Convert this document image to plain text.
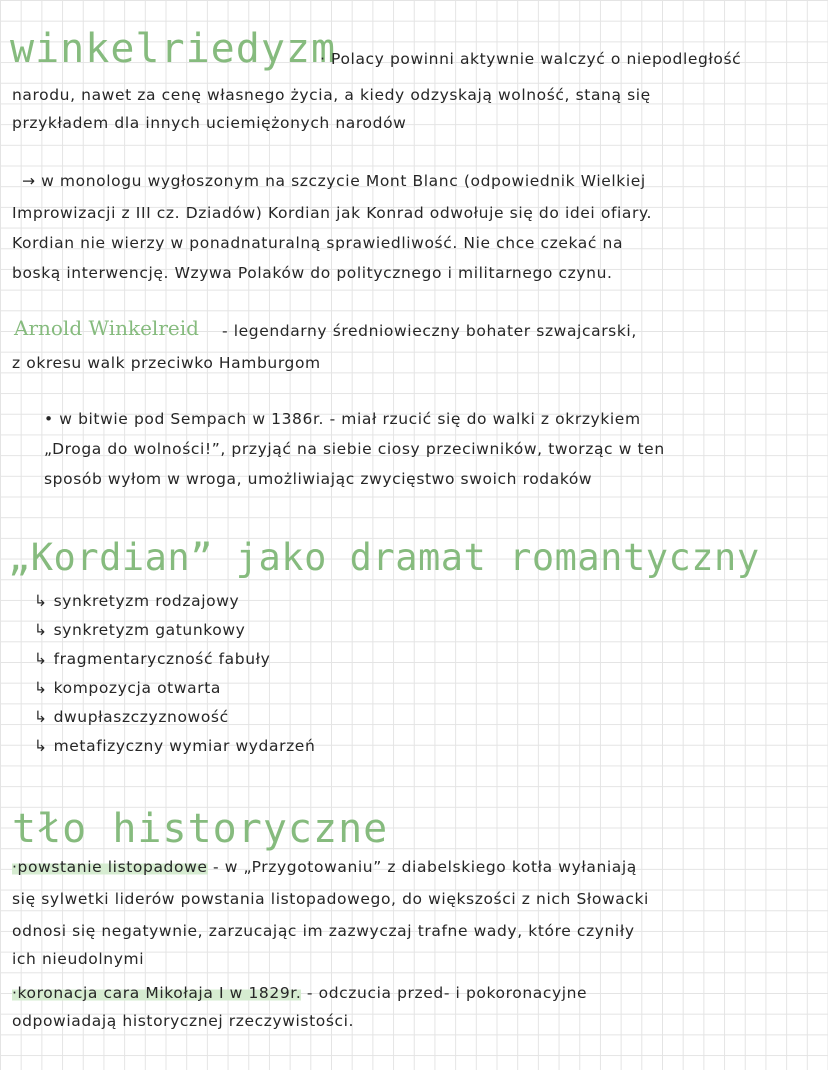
winkelriedyzm
· Polacy powinni aktywnie walczyć o niepodległość
narodu, nawet za cenę własnego życia, a kiedy odzyskają wolność, staną się
przykładem dla innych uciemiężonych narodów
→ w monologu wygłoszonym na szczycie Mont Blanc (odpowiednik Wielkiej
Improwizacji z III cz. Dziadów) Kordian jak Konrad odwołuje się do idei ofiary.
Kordian nie wierzy w ponadnaturalną sprawiedliwość. Nie chce czekać na
boską interwencję. Wzywa Polaków do politycznego i militarnego czynu.
Arnold Winkelreid - legendarny średniowieczny bohater szwajcarski,
z okresu walk przeciwko Hamburgom
• w bitwie pod Sempach w 1386r. - miał rzucić się do walki z okrzykiem
„Droga do wolności!”, przyjąć na siebie ciosy przeciwników, tworząc w ten
sposób wyłom w wroga, umożliwiając zwycięstwo swoich rodaków
„Kordian” jako dramat romantyczny
↳ synkretyzm rodzajowy
↳ synkretyzm gatunkowy
↳ fragmentaryczność fabuły
↳ kompozycja otwarta
↳ dwupłaszczyznowość
↳ metafizyczny wymiar wydarzeń
tło historyczne
·powstanie listopadowe - w „Przygotowaniu” z diabelskiego kotła wyłaniają
się sylwetki liderów powstania listopadowego, do większości z nich Słowacki
odnosi się negatywnie, zarzucając im zazwyczaj trafne wady, które czyniły
ich nieudolnymi
·koronacja cara Mikołaja I w 1829r. - odczucia przed- i pokoronacyjne
odpowiadają historycznej rzeczywistości.
